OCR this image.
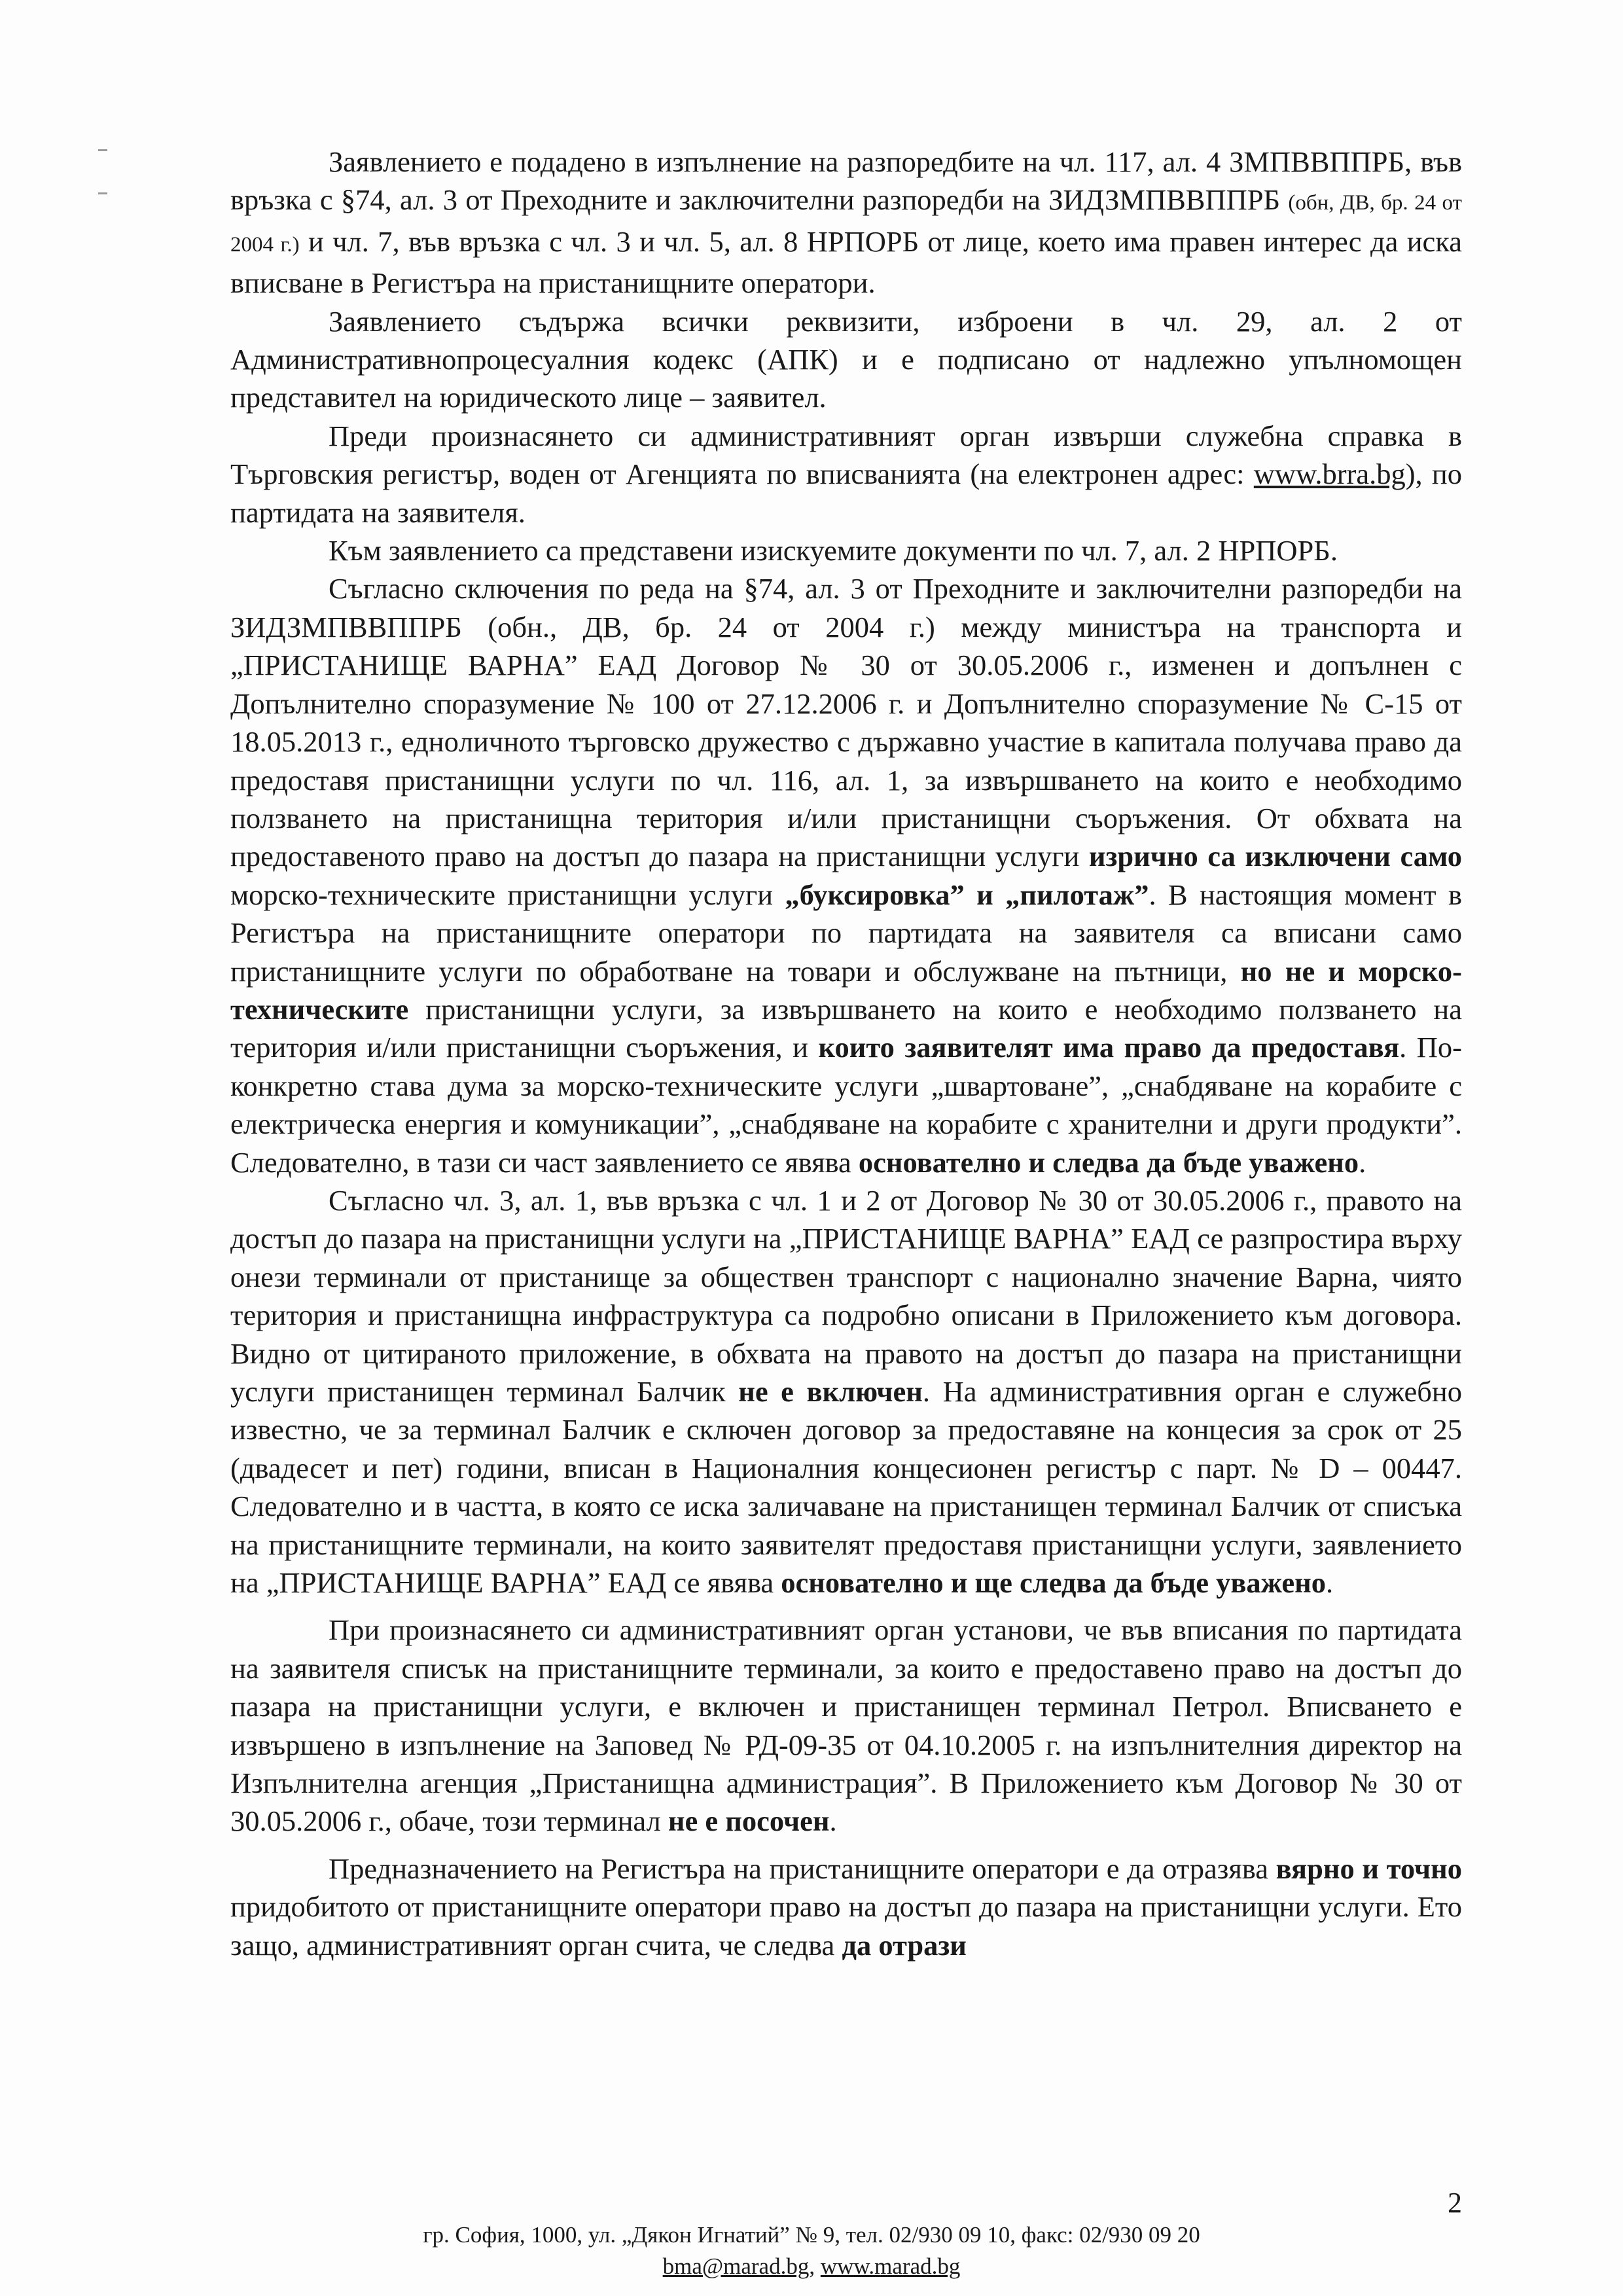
Заявлението е подадено в изпълнение на разпоредбите на чл. 117, ал. 4 ЗМПВВППРБ, във връзка с §74, ал. 3 от Преходните и заключителни разпоредби на ЗИДЗМПВВППРБ (обн, ДВ, бр. 24 от 2004 г.) и чл. 7, във връзка с чл. 3 и чл. 5, ал. 8 НРПОРБ от лице, което има правен интерес да иска вписване в Регистъра на пристанищните оператори.

Заявлението съдържа всички реквизити, изброени в чл. 29, ал. 2 от Административнопроцесуалния кодекс (АПК) и е подписано от надлежно упълномощен представител на юридическото лице – заявител.

Преди произнасянето си административният орган извърши служебна справка в Търговския регистър, воден от Агенцията по вписванията (на електронен адрес: www.brra.bg), по партидата на заявителя.

Към заявлението са представени изискуемите документи по чл. 7, ал. 2 НРПОРБ.

Съгласно сключения по реда на §74, ал. 3 от Преходните и заключителни разпоредби на ЗИДЗМПВВППРБ (обн., ДВ, бр. 24 от 2004 г.) между министъра на транспорта и „ПРИСТАНИЩЕ ВАРНА” ЕАД Договор № 30 от 30.05.2006 г., изменен и допълнен с Допълнително споразумение № 100 от 27.12.2006 г. и Допълнително споразумение № С-15 от 18.05.2013 г., еднoличното търговско дружество с държавно участие в капитала получава право да предоставя пристанищни услуги по чл. 116, ал. 1, за извършването на които е необходимо ползването на пристанищна територия и/или пристанищни съоръжения. От обхвата на предоставеното право на достъп до пазара на пристанищни услуги изрично са изключени само морско-техническите пристанищни услуги „буксировка” и „пилотаж”. В настоящия момент в Регистъра на пристанищните оператори по партидата на заявителя са вписани само пристанищните услуги по обработване на товари и обслужване на пътници, но не и морско-техническите пристанищни услуги, за извършването на които е необходимо ползването на територия и/или пристанищни съоръжения, и които заявителят има право да предоставя. По-конкретно става дума за морско-техническите услуги „швартоване”, „снабдяване на корабите с електрическа енергия и комуникации”, „снабдяване на корабите с хранителни и други продукти”. Следователно, в тази си част заявлението се явява основателно и следва да бъде уважено.

Съгласно чл. 3, ал. 1, във връзка с чл. 1 и 2 от Договор № 30 от 30.05.2006 г., правото на достъп до пазара на пристанищни услуги на „ПРИСТАНИЩЕ ВАРНА” ЕАД се разпростира върху онези терминали от пристанище за обществен транспорт с национално значение Варна, чиято територия и пристанищна инфраструктура са подробно описани в Приложението към договора. Видно от цитираното приложение, в обхвата на правото на достъп до пазара на пристанищни услуги пристанищен терминал Балчик не е включен. На административния орган е служебно известно, че за терминал Балчик е сключен договор за предоставяне на концесия за срок от 25 (двадесет и пет) години, вписан в Националния концесионен регистър с парт. № D – 00447. Следователно и в частта, в която се иска заличаване на пристанищен терминал Балчик от списъка на пристанищните терминали, на които заявителят предоставя пристанищни услуги, заявлението на „ПРИСТАНИЩЕ ВАРНА” ЕАД се явява основателно и ще следва да бъде уважено.

При произнасянето си административният орган установи, че във вписания по партидата на заявителя списък на пристанищните терминали, за които е предоставено право на достъп до пазара на пристанищни услуги, е включен и пристанищен терминал Петрол. Вписването е извършено в изпълнение на Заповед № РД-09-35 от 04.10.2005 г. на изпълнителния директор на Изпълнителна агенция „Пристанищна администрация”. В Приложението към Договор № 30 от 30.05.2006 г., обаче, този терминал не е посочен.

Предназначението на Регистъра на пристанищните оператори е да отразява вярно и точно придобитото от пристанищните оператори право на достъп до пазара на пристанищни услуги. Ето защо, административният орган счита, че следва да отрази

2
гр. София, 1000, ул. „Дякон Игнатий” № 9, тел. 02/930 09 10, факс: 02/930 09 20
bma@marad.bg, www.marad.bg
